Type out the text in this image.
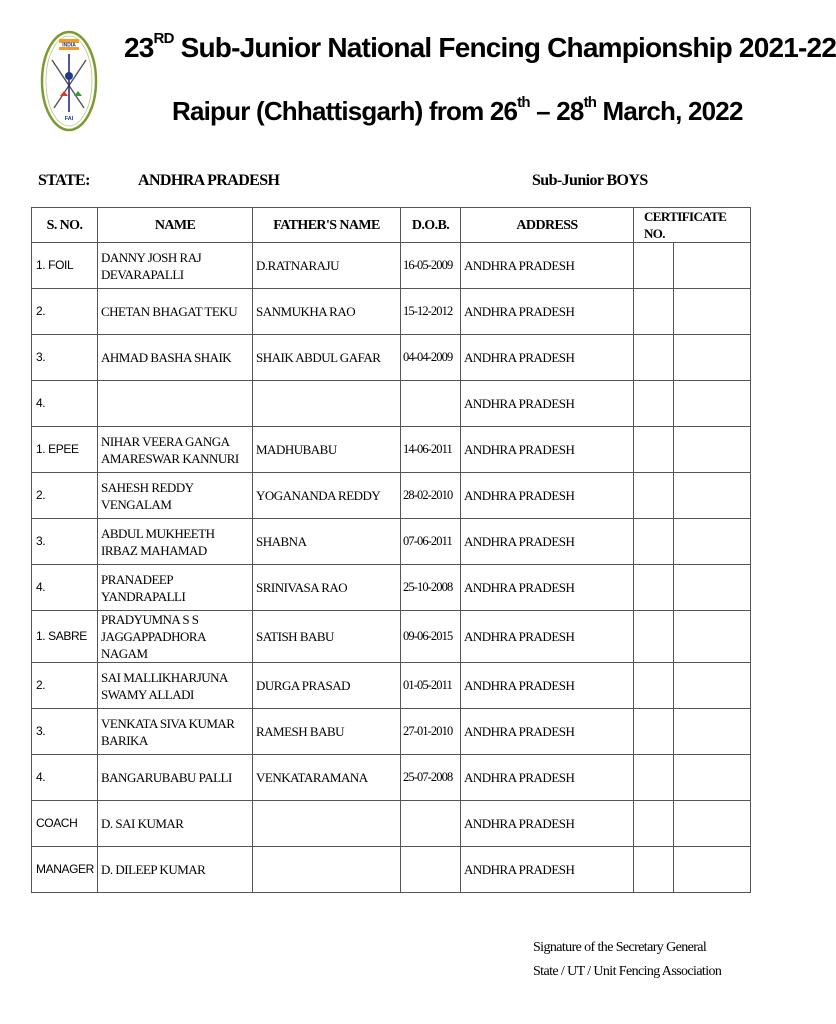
INDIA
FAI
23RD Sub-Junior National Fencing Championship 2021-22
Raipur (Chhattisgarh) from 26th – 28th March, 2022
STATE:	ANDHRA PRADESH	Sub-Junior BOYS
S. NO.	NAME	FATHER'S NAME	D.O.B.	ADDRESS	CERTIFICATE NO.	
1. FOIL	DANNY JOSH RAJ DEVARAPALLI	D.RATNARAJU	16-05-2009	ANDHRA PRADESH		
2.	CHETAN BHAGAT TEKU	SANMUKHA RAO	15-12-2012	ANDHRA PRADESH		
3.	AHMAD BASHA SHAIK	SHAIK ABDUL GAFAR	04-04-2009	ANDHRA PRADESH		
4.				ANDHRA PRADESH		
1. EPEE	NIHAR VEERA GANGA AMARESWAR KANNURI	MADHUBABU	14-06-2011	ANDHRA PRADESH		
2.	SAHESH REDDY VENGALAM	YOGANANDA REDDY	28-02-2010	ANDHRA PRADESH		
3.	ABDUL MUKHEETH IRBAZ MAHAMAD	SHABNA	07-06-2011	ANDHRA PRADESH		
4.	PRANADEEP YANDRAPALLI	SRINIVASA RAO	25-10-2008	ANDHRA PRADESH		
1. SABRE	PRADYUMNA S S JAGGAPPADHORA NAGAM	SATISH BABU	09-06-2015	ANDHRA PRADESH		
2.	SAI MALLIKHARJUNA SWAMY ALLADI	DURGA PRASAD	01-05-2011	ANDHRA PRADESH		
3.	VENKATA SIVA KUMAR BARIKA	RAMESH BABU	27-01-2010	ANDHRA PRADESH		
4.	BANGARUBABU PALLI	VENKATARAMANA	25-07-2008	ANDHRA PRADESH		
COACH	D. SAI KUMAR			ANDHRA PRADESH		
MANAGER	D. DILEEP KUMAR			ANDHRA PRADESH		
Signature of the Secretary General
State / UT / Unit Fencing Association
